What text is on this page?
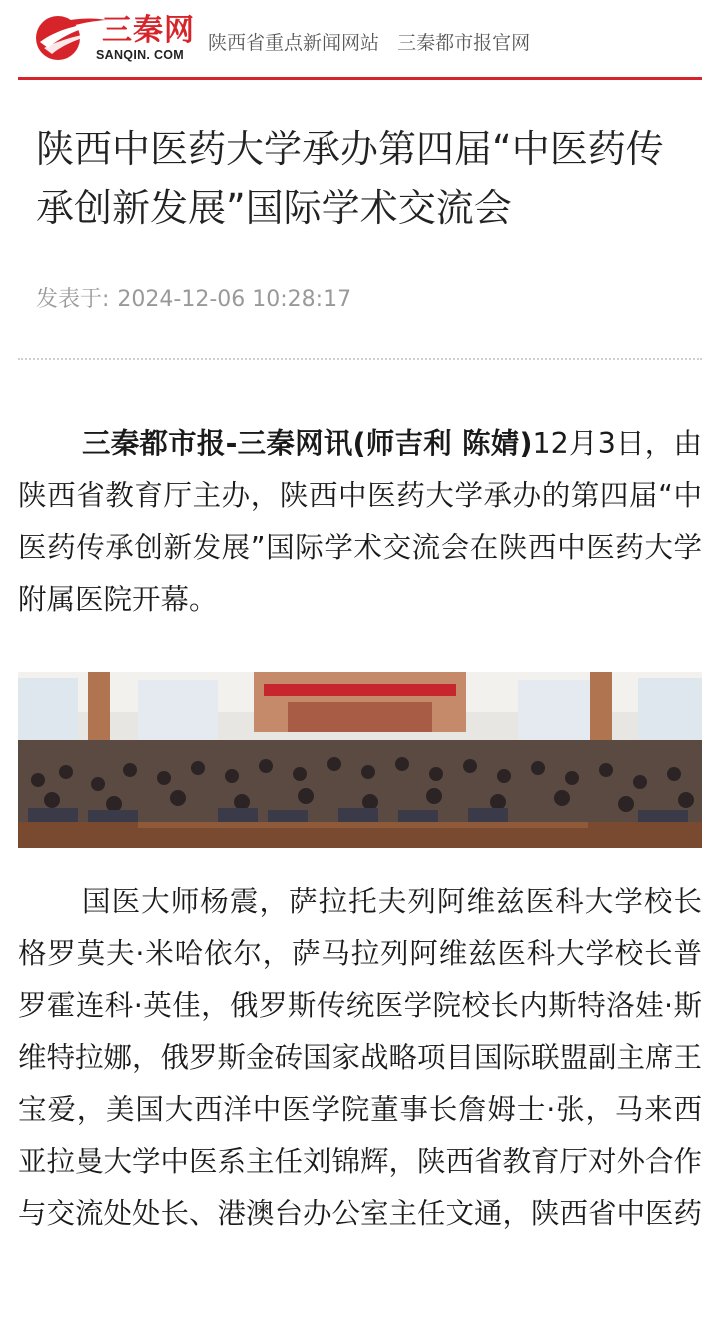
三秦网
SANQIN. COM
陕西省重点新闻网站 三秦都市报官网
陕西中医药大学承办第四届“中医药传承创新发展”国际学术交流会
发表于: 2024-12-06 10:28:17

三秦都市报-三秦网讯(师吉利 陈婧)12月3日，由陕西省教育厅主办，陕西中医药大学承办的第四届“中医药传承创新发展”国际学术交流会在陕西中医药大学附属医院开幕。

国医大师杨震，萨拉托夫列阿维兹医科大学校长格罗莫夫·米哈依尔，萨马拉列阿维兹医科大学校长普罗霍连科·英佳，俄罗斯传统医学院校长内斯特洛娃·斯维特拉娜，俄罗斯金砖国家战略项目国际联盟副主席王宝爱，美国大西洋中医学院董事长詹姆士·张，马来西亚拉曼大学中医系主任刘锦辉，陕西省教育厅对外合作与交流处处长、港澳台办公室主任文通，陕西省中医药
